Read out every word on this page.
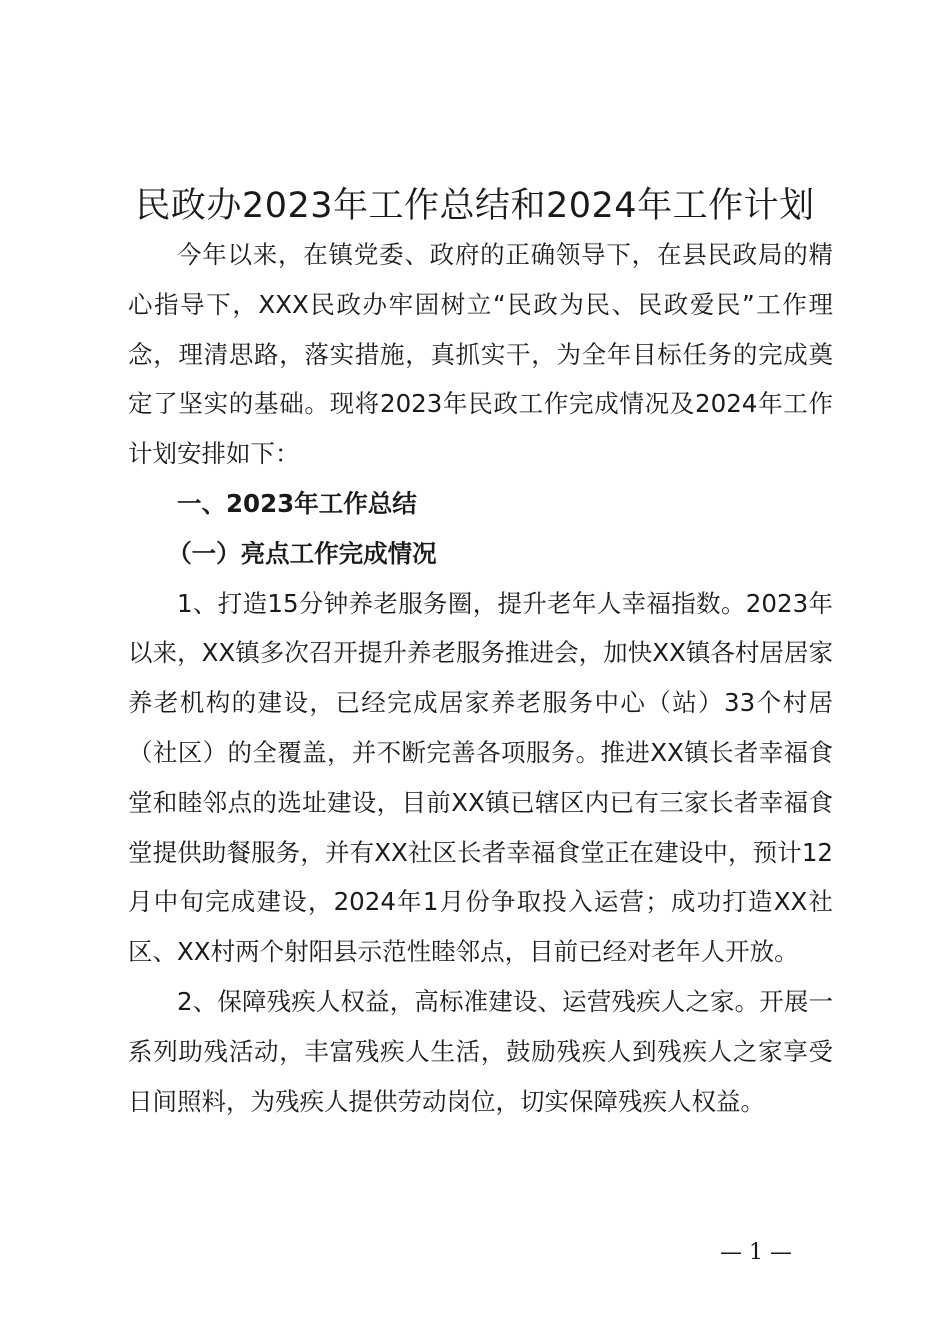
民政办2023年工作总结和2024年工作计划

今年以来，在镇党委、政府的正确领导下，在县民政局的精心指导下，XXX民政办牢固树立“民政为民、民政爱民”工作理念，理清思路，落实措施，真抓实干，为全年目标任务的完成奠定了坚实的基础。现将2023年民政工作完成情况及2024年工作计划安排如下：

一、2023年工作总结

（一）亮点工作完成情况

1、打造15分钟养老服务圈，提升老年人幸福指数。2023年以来，XX镇多次召开提升养老服务推进会，加快XX镇各村居居家养老机构的建设，已经完成居家养老服务中心（站）33个村居（社区）的全覆盖，并不断完善各项服务。推进XX镇长者幸福食堂和睦邻点的选址建设，目前XX镇已辖区内已有三家长者幸福食堂提供助餐服务，并有XX社区长者幸福食堂正在建设中，预计12月中旬完成建设，2024年1月份争取投入运营；成功打造XX社区、XX村两个射阳县示范性睦邻点，目前已经对老年人开放。

2、保障残疾人权益，高标准建设、运营残疾人之家。开展一系列助残活动，丰富残疾人生活，鼓励残疾人到残疾人之家享受日间照料，为残疾人提供劳动岗位，切实保障残疾人权益。

— 1 —
